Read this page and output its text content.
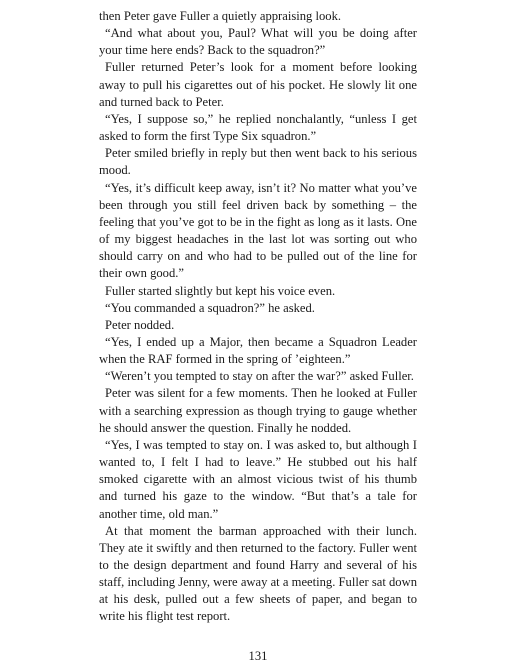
then Peter gave Fuller a quietly appraising look.

“And what about you, Paul? What will you be doing after your time here ends? Back to the squadron?”

Fuller returned Peter’s look for a moment before looking away to pull his cigarettes out of his pocket. He slowly lit one and turned back to Peter.

“Yes, I suppose so,” he replied nonchalantly, “unless I get asked to form the first Type Six squadron.”

Peter smiled briefly in reply but then went back to his serious mood.

“Yes, it’s difficult keep away, isn’t it? No matter what you’ve been through you still feel driven back by something – the feeling that you’ve got to be in the fight as long as it lasts. One of my biggest headaches in the last lot was sorting out who should carry on and who had to be pulled out of the line for their own good.”

Fuller started slightly but kept his voice even.

“You commanded a squadron?” he asked.

Peter nodded.

“Yes, I ended up a Major, then became a Squadron Leader when the RAF formed in the spring of ’eighteen.”

“Weren’t you tempted to stay on after the war?” asked Fuller.

Peter was silent for a few moments. Then he looked at Fuller with a searching expression as though trying to gauge whether he should answer the question. Finally he nodded.

“Yes, I was tempted to stay on. I was asked to, but although I wanted to, I felt I had to leave.” He stubbed out his half smoked cigarette with an almost vicious twist of his thumb and turned his gaze to the window. “But that’s a tale for another time, old man.”

At that moment the barman approached with their lunch. They ate it swiftly and then returned to the factory. Fuller went to the design department and found Harry and several of his staff, including Jenny, were away at a meeting. Fuller sat down at his desk, pulled out a few sheets of paper, and began to write his flight test report.

131
